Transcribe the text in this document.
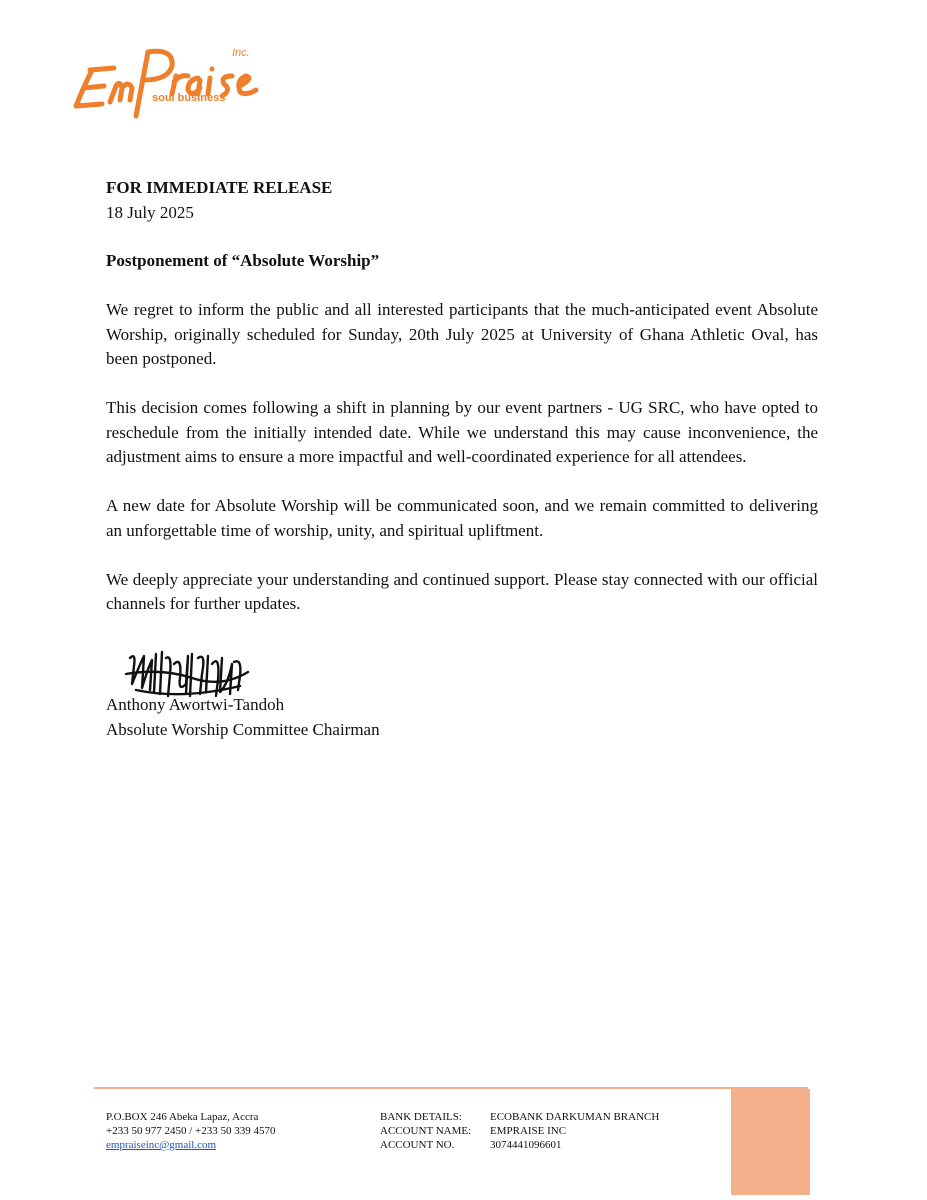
Inc.
soul business

FOR IMMEDIATE RELEASE

18 July 2025

Postponement of “Absolute Worship”

We regret to inform the public and all interested participants that the much-anticipated event Absolute Worship, originally scheduled for Sunday, 20th July 2025 at University of Ghana Athletic Oval, has been postponed.

This decision comes following a shift in planning by our event partners - UG SRC, who have opted to reschedule from the initially intended date. While we understand this may cause inconvenience, the adjustment aims to ensure a more impactful and well-coordinated experience for all attendees.

A new date for Absolute Worship will be communicated soon, and we remain committed to delivering an unforgettable time of worship, unity, and spiritual upliftment.

We deeply appreciate your understanding and continued support. Please stay connected with our official channels for further updates.

Anthony Awortwi-Tandoh

Absolute Worship Committee Chairman

P.O.BOX 246 Abeka Lapaz, Accra
+233 50 977 2450 / +233 50 339 4570
empraiseinc@gmail.com
BANK DETAILS:	ECOBANK DARKUMAN BRANCH
ACCOUNT NAME:	EMPRAISE INC
ACCOUNT NO.	3074441096601
